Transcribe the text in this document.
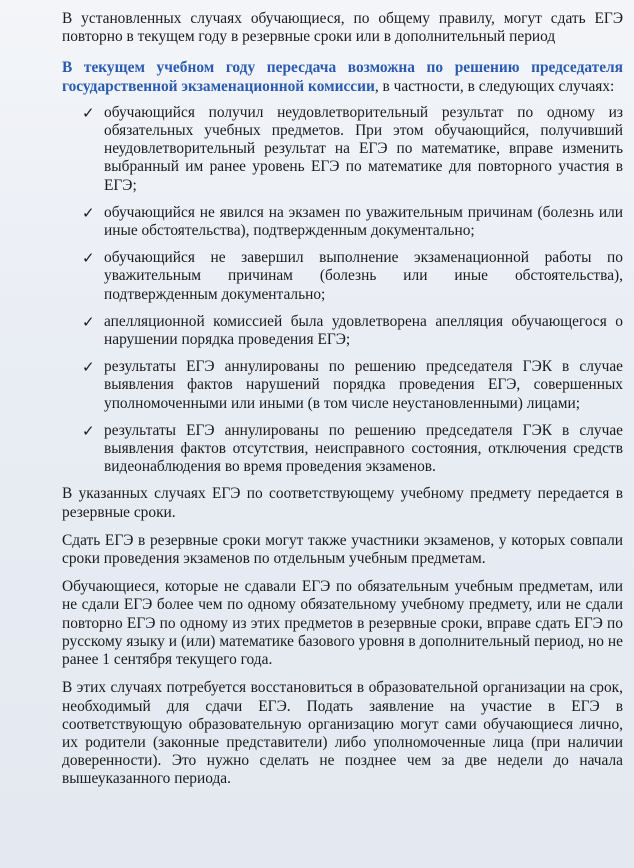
В установленных случаях обучающиеся, по общему правилу, могут сдать ЕГЭ повторно в текущем году в резервные сроки или в дополнительный период

В текущем учебном году пересдача возможна по решению председателя государственной экзаменационной комиссии, в частности, в следующих случаях:

✓ обучающийся получил неудовлетворительный результат по одному из обязательных учебных предметов. При этом обучающийся, получивший неудовлетворительный результат на ЕГЭ по математике, вправе изменить выбранный им ранее уровень ЕГЭ по математике для повторного участия в ЕГЭ;
✓ обучающийся не явился на экзамен по уважительным причинам (болезнь или иные обстоятельства), подтвержденным документально;
✓ обучающийся не завершил выполнение экзаменационной работы по уважительным причинам (болезнь или иные обстоятельства), подтвержденным документально;
✓ апелляционной комиссией была удовлетворена апелляция обучающегося о нарушении порядка проведения ЕГЭ;
✓ результаты ЕГЭ аннулированы по решению председателя ГЭК в случае выявления фактов нарушений порядка проведения ЕГЭ, совершенных уполномоченными или иными (в том числе неустановленными) лицами;
✓ результаты ЕГЭ аннулированы по решению председателя ГЭК в случае выявления фактов отсутствия, неисправного состояния, отключения средств видеонаблюдения во время проведения экзаменов.

В указанных случаях ЕГЭ по соответствующему учебному предмету передается в резервные сроки.

Сдать ЕГЭ в резервные сроки могут также участники экзаменов, у которых совпали сроки проведения экзаменов по отдельным учебным предметам.

Обучающиеся, которые не сдавали ЕГЭ по обязательным учебным предметам, или не сдали ЕГЭ более чем по одному обязательному учебному предмету, или не сдали повторно ЕГЭ по одному из этих предметов в резервные сроки, вправе сдать ЕГЭ по русскому языку и (или) математике базового уровня в дополнительный период, но не ранее 1 сентября текущего года.

В этих случаях потребуется восстановиться в образовательной организации на срок, необходимый для сдачи ЕГЭ. Подать заявление на участие в ЕГЭ в соответствующую образовательную организацию могут сами обучающиеся лично, их родители (законные представители) либо уполномоченные лица (при наличии доверенности). Это нужно сделать не позднее чем за две недели до начала вышеуказанного периода.
